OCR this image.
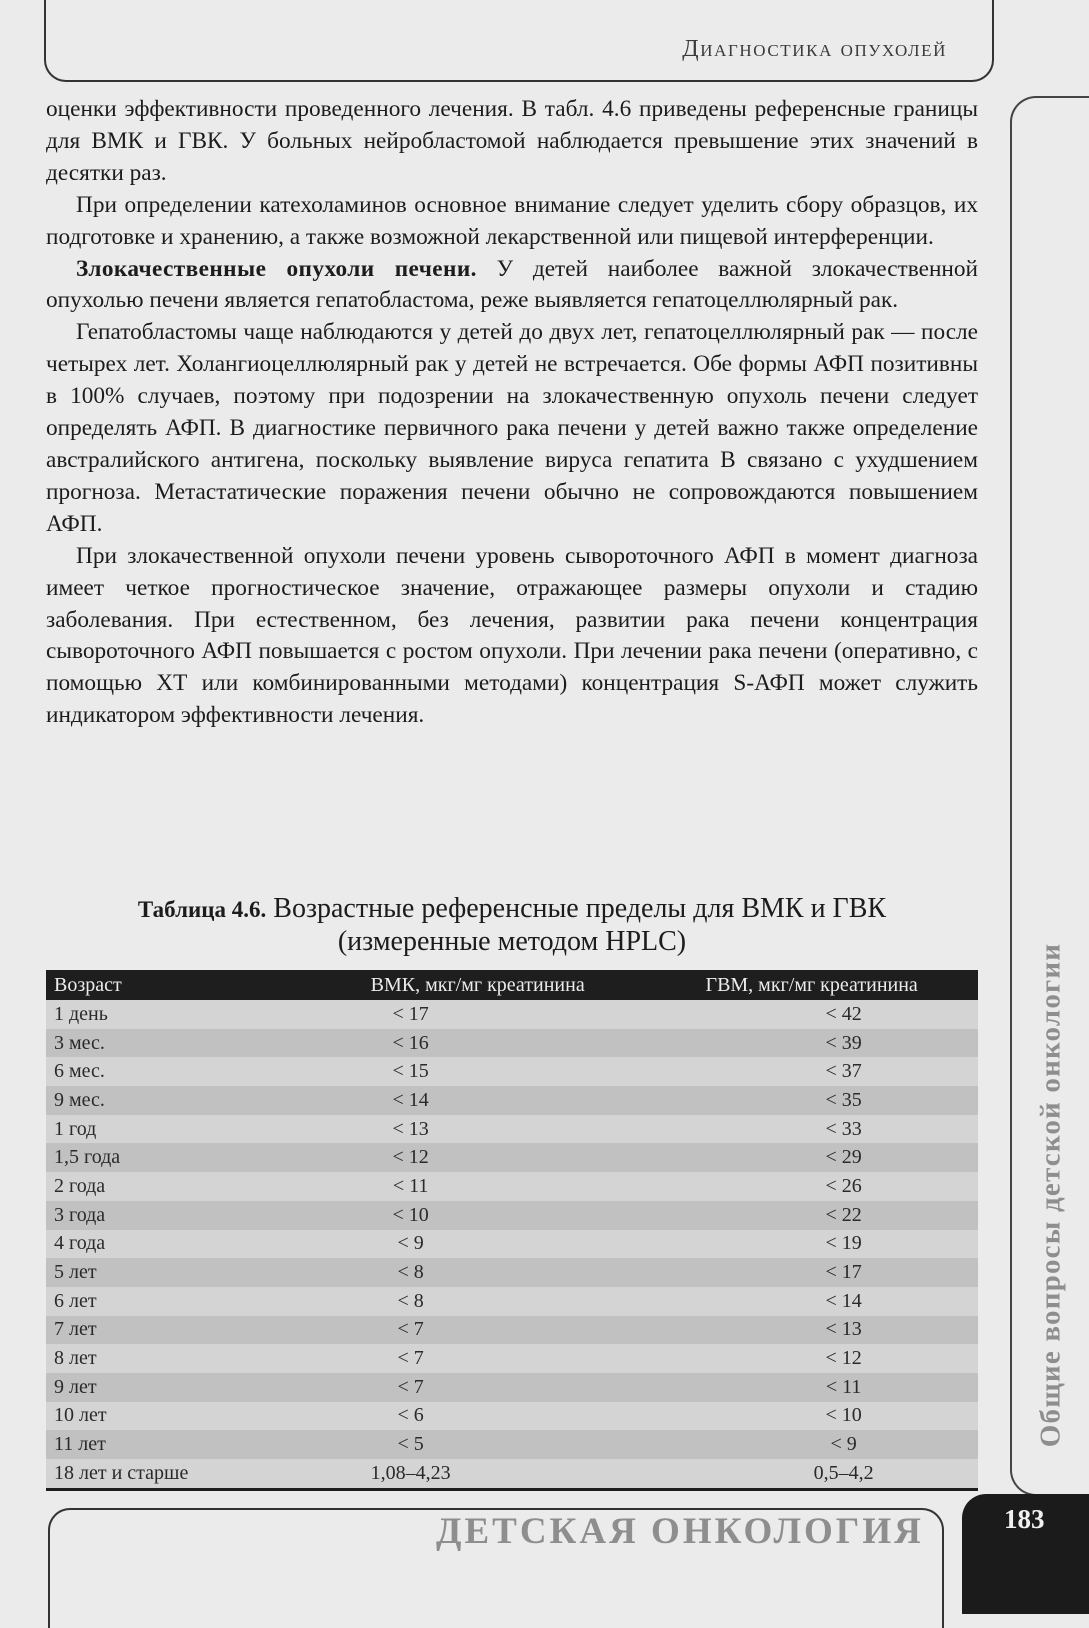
Диагностика опухолей
Общие вопросы детской онкологии

оценки эффективности проведенного лечения. В табл. 4.6 приведены референсные границы для ВМК и ГВК. У больных нейробластомой наблюдается превышение этих значений в десятки раз.

При определении катехоламинов основное внимание следует уделить сбору образцов, их подготовке и хранению, а также возможной лекарственной или пищевой интерференции.

Злокачественные опухоли печени. У детей наиболее важной злокачественной опухолью печени является гепатобластома, реже выявляется гепатоцеллюлярный рак.

Гепатобластомы чаще наблюдаются у детей до двух лет, гепатоцеллюлярный рак — после четырех лет. Холангиоцеллюлярный рак у детей не встречается. Обе формы АФП позитивны в 100% случаев, поэтому при подозрении на злокачественную опухоль печени следует определять АФП. В диагностике первичного рака печени у детей важно также определение австралийского антигена, поскольку выявление вируса гепатита В связано с ухудшением прогноза. Метастатические поражения печени обычно не сопровождаются повышением АФП.

При злокачественной опухоли печени уровень сывороточного АФП в момент диагноза имеет четкое прогностическое значение, отражающее размеры опухоли и стадию заболевания. При естественном, без лечения, развитии рака печени концентрация сывороточного АФП повышается с ростом опухоли. При лечении рака печени (оперативно, с помощью ХТ или комбинированными методами) концентрация S-АФП может служить индикатором эффективности лечения.

Таблица 4.6. Возрастные референсные пределы для ВМК и ГВК
(измеренные методом HPLC)
Возраст	ВМК, мкг/мг креатинина	ГВМ, мкг/мг креатинина
1 день	< 17	< 42
3 мес.	< 16	< 39
6 мес.	< 15	< 37
9 мес.	< 14	< 35
1 год	< 13	< 33
1,5 года	< 12	< 29
2 года	< 11	< 26
3 года	< 10	< 22
4 года	< 9	< 19
5 лет	< 8	< 17
6 лет	< 8	< 14
7 лет	< 7	< 13
8 лет	< 7	< 12
9 лет	< 7	< 11
10 лет	< 6	< 10
11 лет	< 5	< 9
18 лет и старше	1,08–4,23	0,5–4,2
ДЕТСКАЯ ОНКОЛОГИЯ	183
